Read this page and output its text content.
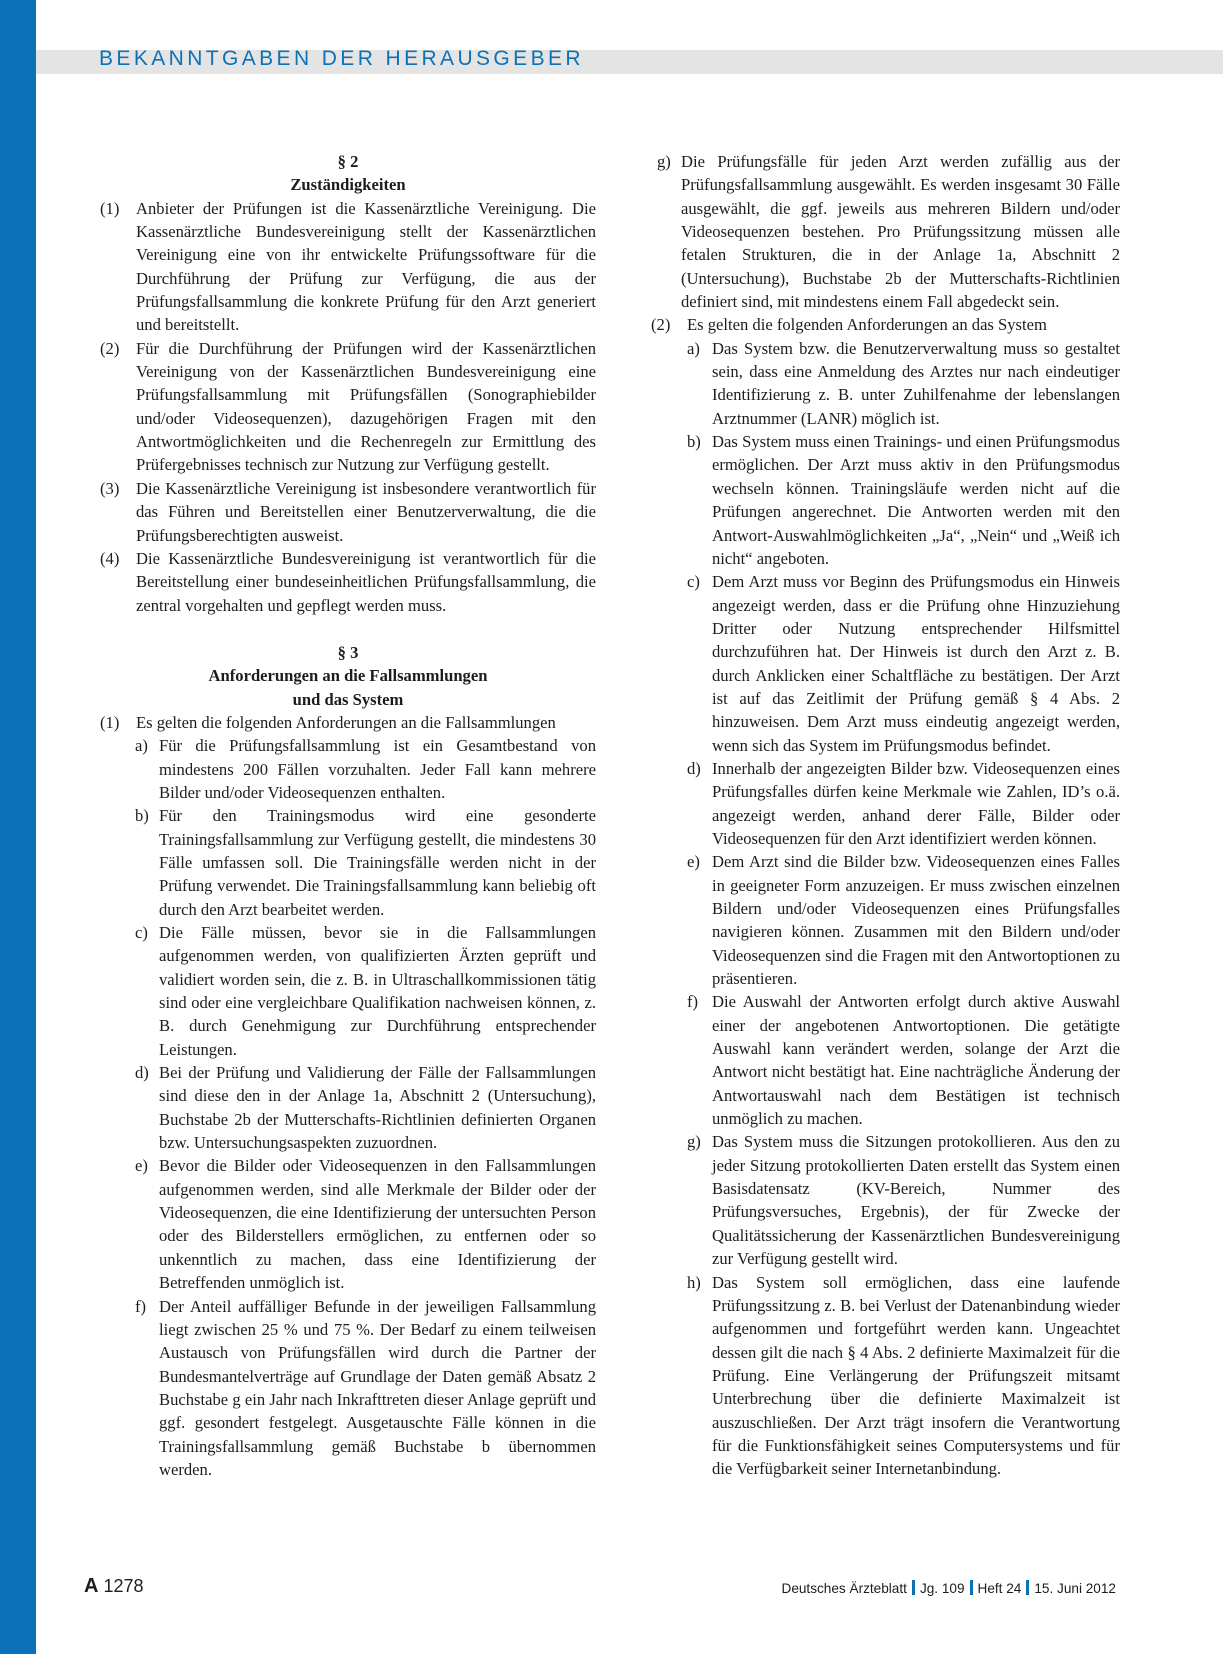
BEKANNTGABEN DER HERAUSGEBER
§ 2
Zuständigkeiten
(1) Anbieter der Prüfungen ist die Kassenärztliche Vereinigung. Die Kassenärztliche Bundesvereinigung stellt der Kassenärztlichen Vereinigung eine von ihr entwickelte Prüfungssoftware für die Durchführung der Prüfung zur Verfügung, die aus der Prüfungsfallsammlung die konkrete Prüfung für den Arzt generiert und bereitstellt.
(2) Für die Durchführung der Prüfungen wird der Kassenärztlichen Vereinigung von der Kassenärztlichen Bundesvereinigung eine Prüfungsfallsammlung mit Prüfungsfällen (Sonographiebilder und/oder Videosequenzen), dazugehörigen Fragen mit den Antwortmöglichkeiten und die Rechenregeln zur Ermittlung des Prüfergebnisses technisch zur Nutzung zur Verfügung gestellt.
(3) Die Kassenärztliche Vereinigung ist insbesondere verantwortlich für das Führen und Bereitstellen einer Benutzerverwaltung, die die Prüfungsberechtigten ausweist.
(4) Die Kassenärztliche Bundesvereinigung ist verantwortlich für die Bereitstellung einer bundeseinheitlichen Prüfungsfallsammlung, die zentral vorgehalten und gepflegt werden muss.
§ 3
Anforderungen an die Fallsammlungen
und das System
(1) Es gelten die folgenden Anforderungen an die Fallsammlungen
a) Für die Prüfungsfallsammlung ist ein Gesamtbestand von mindestens 200 Fällen vorzuhalten. Jeder Fall kann mehrere Bilder und/oder Videosequenzen enthalten.
b) Für den Trainingsmodus wird eine gesonderte Trainingsfallsammlung zur Verfügung gestellt, die mindestens 30 Fälle umfassen soll. Die Trainingsfälle werden nicht in der Prüfung verwendet. Die Trainingsfallsammlung kann beliebig oft durch den Arzt bearbeitet werden.
c) Die Fälle müssen, bevor sie in die Fallsammlungen aufgenommen werden, von qualifizierten Ärzten geprüft und validiert worden sein, die z. B. in Ultraschallkommissionen tätig sind oder eine vergleichbare Qualifikation nachweisen können, z. B. durch Genehmigung zur Durchführung entsprechender Leistungen.
d) Bei der Prüfung und Validierung der Fälle der Fallsammlungen sind diese den in der Anlage 1a, Abschnitt 2 (Untersuchung), Buchstabe 2b der Mutterschafts-Richtlinien definierten Organen bzw. Untersuchungsaspekten zuzuordnen.
e) Bevor die Bilder oder Videosequenzen in den Fallsammlungen aufgenommen werden, sind alle Merkmale der Bilder oder der Videosequenzen, die eine Identifizierung der untersuchten Person oder des Bilderstellers ermöglichen, zu entfernen oder so unkenntlich zu machen, dass eine Identifizierung der Betreffenden unmöglich ist.
f) Der Anteil auffälliger Befunde in der jeweiligen Fallsammlung liegt zwischen 25 % und 75 %. Der Bedarf zu einem teilweisen Austausch von Prüfungsfällen wird durch die Partner der Bundesmantelverträge auf Grundlage der Daten gemäß Absatz 2 Buchstabe g ein Jahr nach Inkrafttreten dieser Anlage geprüft und ggf. gesondert festgelegt. Ausgetauschte Fälle können in die Trainingsfallsammlung gemäß Buchstabe b übernommen werden.
g) Die Prüfungsfälle für jeden Arzt werden zufällig aus der Prüfungsfallsammlung ausgewählt. Es werden insgesamt 30 Fälle ausgewählt, die ggf. jeweils aus mehreren Bildern und/oder Videosequenzen bestehen. Pro Prüfungssitzung müssen alle fetalen Strukturen, die in der Anlage 1a, Abschnitt 2 (Untersuchung), Buchstabe 2b der Mutterschafts-Richtlinien definiert sind, mit mindestens einem Fall abgedeckt sein.
(2) Es gelten die folgenden Anforderungen an das System
a) Das System bzw. die Benutzerverwaltung muss so gestaltet sein, dass eine Anmeldung des Arztes nur nach eindeutiger Identifizierung z. B. unter Zuhilfenahme der lebenslangen Arztnummer (LANR) möglich ist.
b) Das System muss einen Trainings- und einen Prüfungsmodus ermöglichen. Der Arzt muss aktiv in den Prüfungsmodus wechseln können. Trainingsläufe werden nicht auf die Prüfungen angerechnet. Die Antworten werden mit den Antwort-Auswahlmöglichkeiten „Ja“, „Nein“ und „Weiß ich nicht“ angeboten.
c) Dem Arzt muss vor Beginn des Prüfungsmodus ein Hinweis angezeigt werden, dass er die Prüfung ohne Hinzuziehung Dritter oder Nutzung entsprechender Hilfsmittel durchzuführen hat. Der Hinweis ist durch den Arzt z. B. durch Anklicken einer Schaltfläche zu bestätigen. Der Arzt ist auf das Zeitlimit der Prüfung gemäß § 4 Abs. 2 hinzuweisen. Dem Arzt muss eindeutig angezeigt werden, wenn sich das System im Prüfungsmodus befindet.
d) Innerhalb der angezeigten Bilder bzw. Videosequenzen eines Prüfungsfalles dürfen keine Merkmale wie Zahlen, ID’s o.ä. angezeigt werden, anhand derer Fälle, Bilder oder Videosequenzen für den Arzt identifiziert werden können.
e) Dem Arzt sind die Bilder bzw. Videosequenzen eines Falles in geeigneter Form anzuzeigen. Er muss zwischen einzelnen Bildern und/oder Videosequenzen eines Prüfungsfalles navigieren können. Zusammen mit den Bildern und/oder Videosequenzen sind die Fragen mit den Antwortoptionen zu präsentieren.
f) Die Auswahl der Antworten erfolgt durch aktive Auswahl einer der angebotenen Antwortoptionen. Die getätigte Auswahl kann verändert werden, solange der Arzt die Antwort nicht bestätigt hat. Eine nachträgliche Änderung der Antwortauswahl nach dem Bestätigen ist technisch unmöglich zu machen.
g) Das System muss die Sitzungen protokollieren. Aus den zu jeder Sitzung protokollierten Daten erstellt das System einen Basisdatensatz (KV-Bereich, Nummer des Prüfungsversuches, Ergebnis), der für Zwecke der Qualitätssicherung der Kassenärztlichen Bundesvereinigung zur Verfügung gestellt wird.
h) Das System soll ermöglichen, dass eine laufende Prüfungssitzung z. B. bei Verlust der Datenanbindung wieder aufgenommen und fortgeführt werden kann. Ungeachtet dessen gilt die nach § 4 Abs. 2 definierte Maximalzeit für die Prüfung. Eine Verlängerung der Prüfungszeit mitsamt Unterbrechung über die definierte Maximalzeit ist auszuschließen. Der Arzt trägt insofern die Verantwortung für die Funktionsfähigkeit seines Computersystems und für die Verfügbarkeit seiner Internetanbindung.
A 1278	Deutsches Ärzteblatt Jg. 109 Heft 24 15. Juni 2012
